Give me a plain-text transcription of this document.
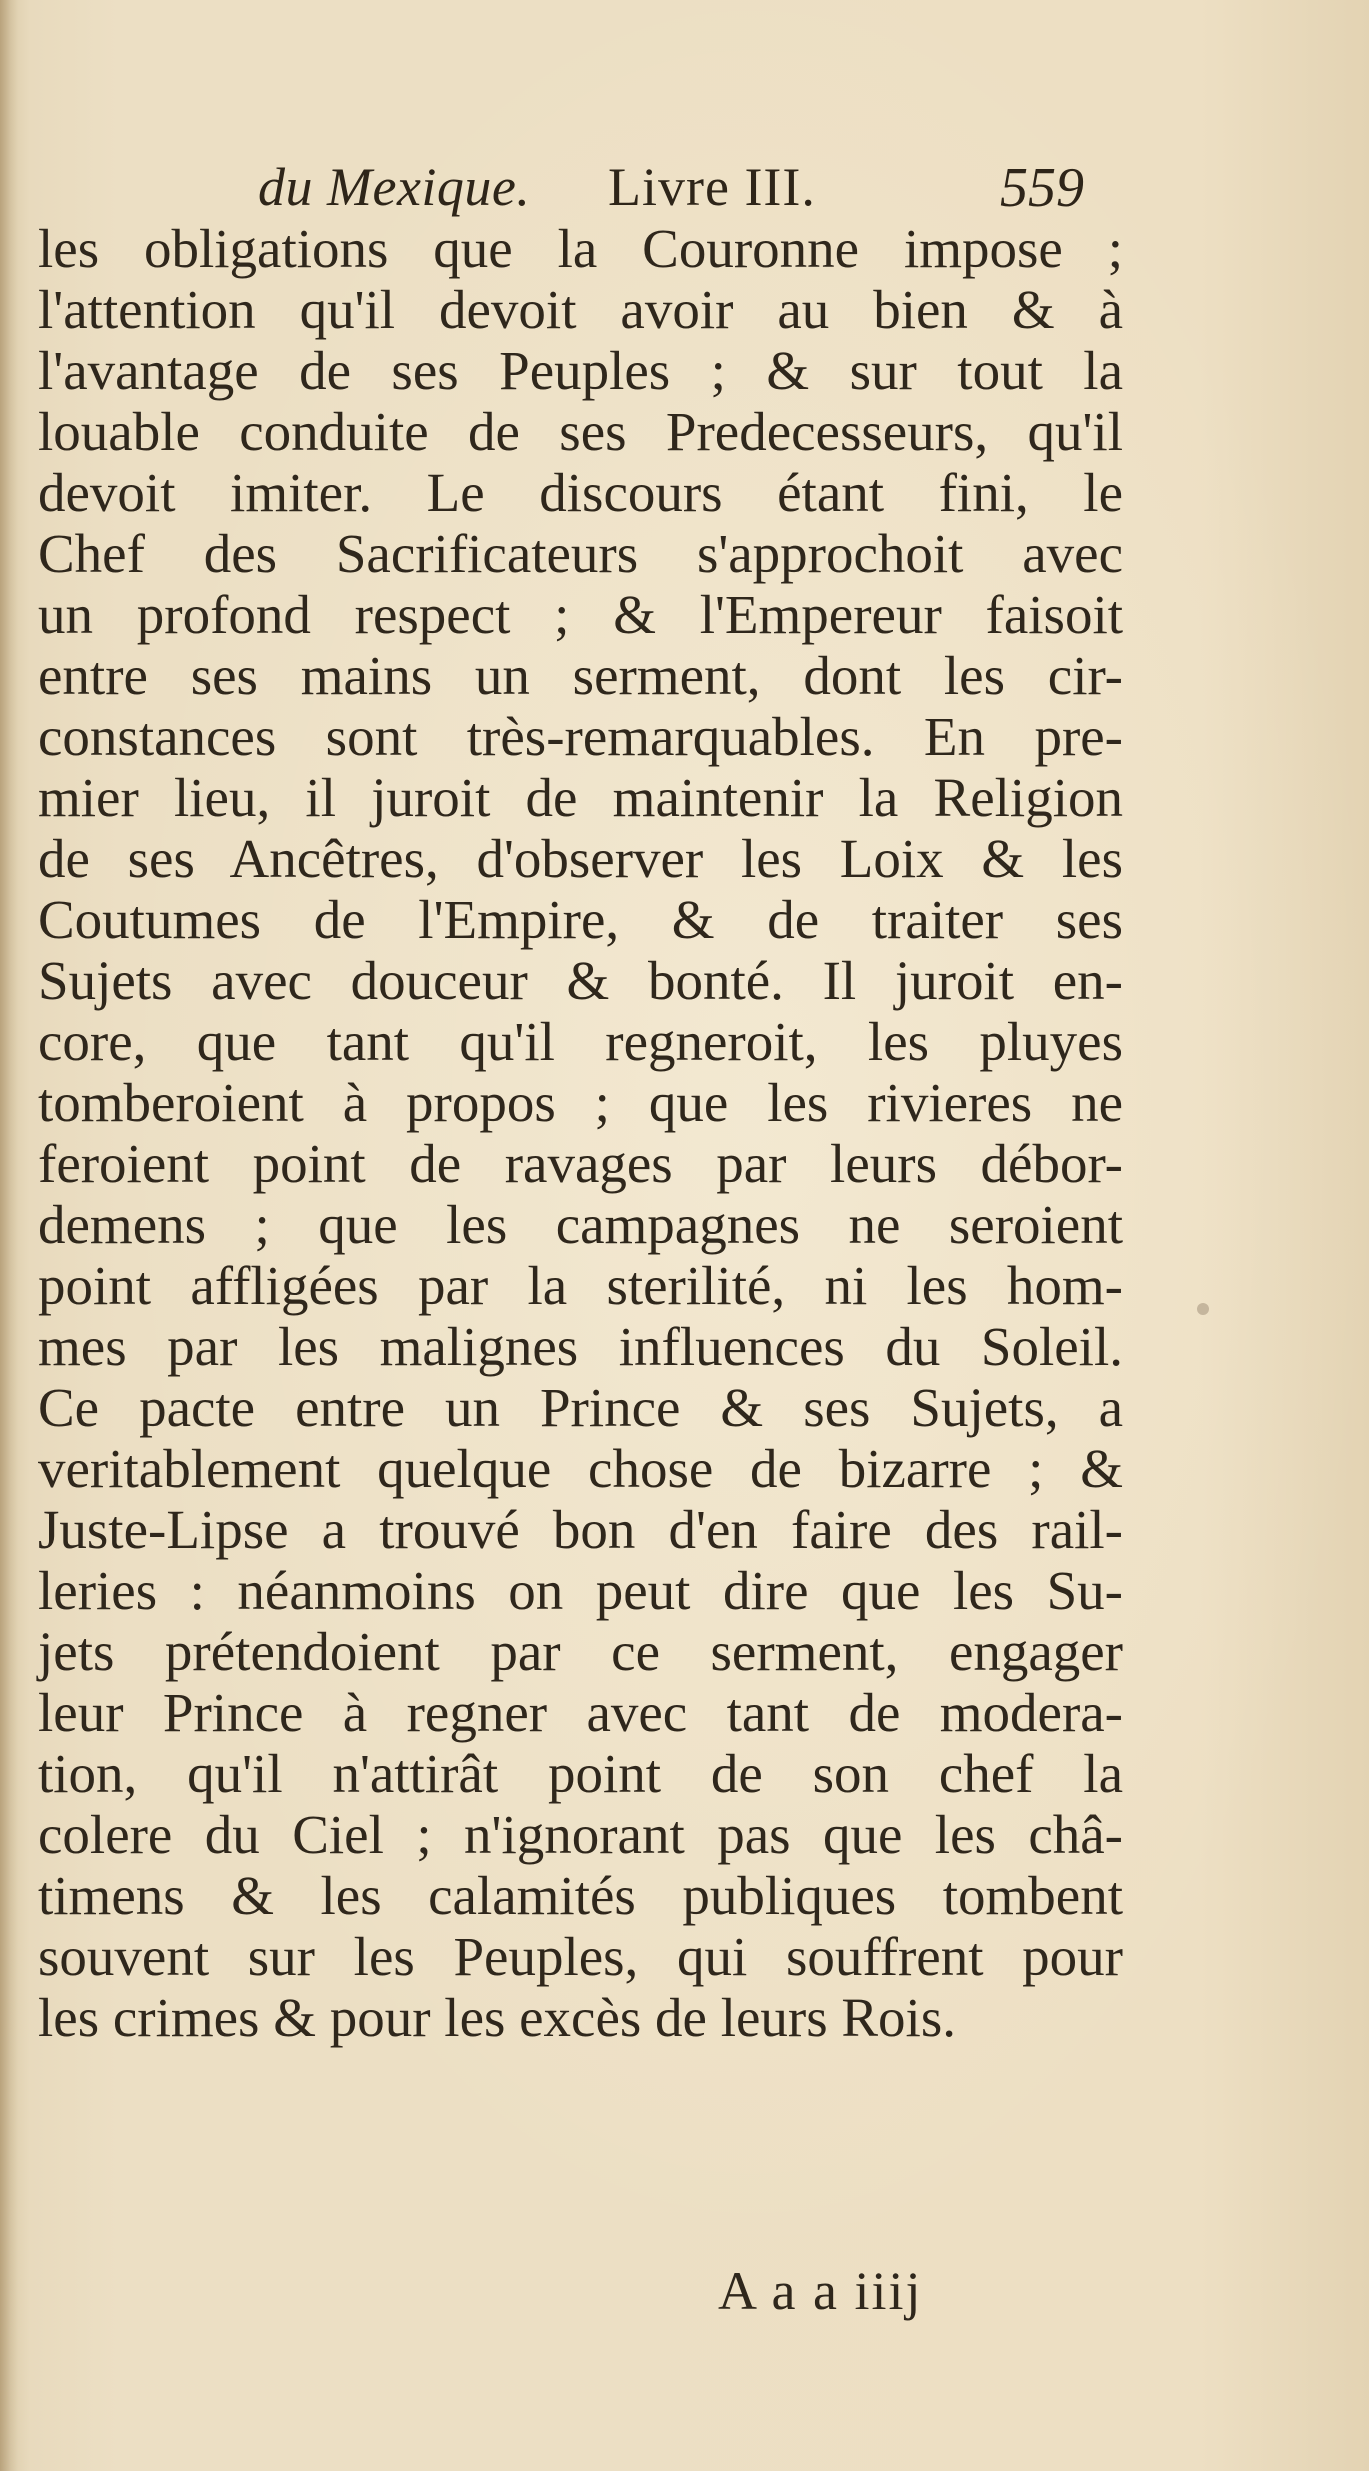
du Mexique. Livre III.	559
les obligations que la Couronne impose ;
l'attention qu'il devoit avoir au bien & à
l'avantage de ses Peuples ; & sur tout la
louable conduite de ses Predecesseurs, qu'il
devoit imiter. Le discours étant fini, le
Chef des Sacrificateurs s'approchoit avec
un profond respect ; & l'Empereur faisoit
entre ses mains un serment, dont les cir-
constances sont très-remarquables. En pre-
mier lieu, il juroit de maintenir la Religion
de ses Ancêtres, d'observer les Loix & les
Coutumes de l'Empire, & de traiter ses
Sujets avec douceur & bonté. Il juroit en-
core, que tant qu'il regneroit, les pluyes
tomberoient à propos ; que les rivieres ne
feroient point de ravages par leurs débor-
demens ; que les campagnes ne seroient
point affligées par la sterilité, ni les hom-
mes par les malignes influences du Soleil.
Ce pacte entre un Prince & ses Sujets, a
veritablement quelque chose de bizarre ; &
Juste-Lipse a trouvé bon d'en faire des rail-
leries : néanmoins on peut dire que les Su-
jets prétendoient par ce serment, engager
leur Prince à regner avec tant de modera-
tion, qu'il n'attirât point de son chef la
colere du Ciel ; n'ignorant pas que les châ-
timens & les calamités publiques tombent
souvent sur les Peuples, qui souffrent pour
les crimes & pour les excès de leurs Rois.
A a a iiij
